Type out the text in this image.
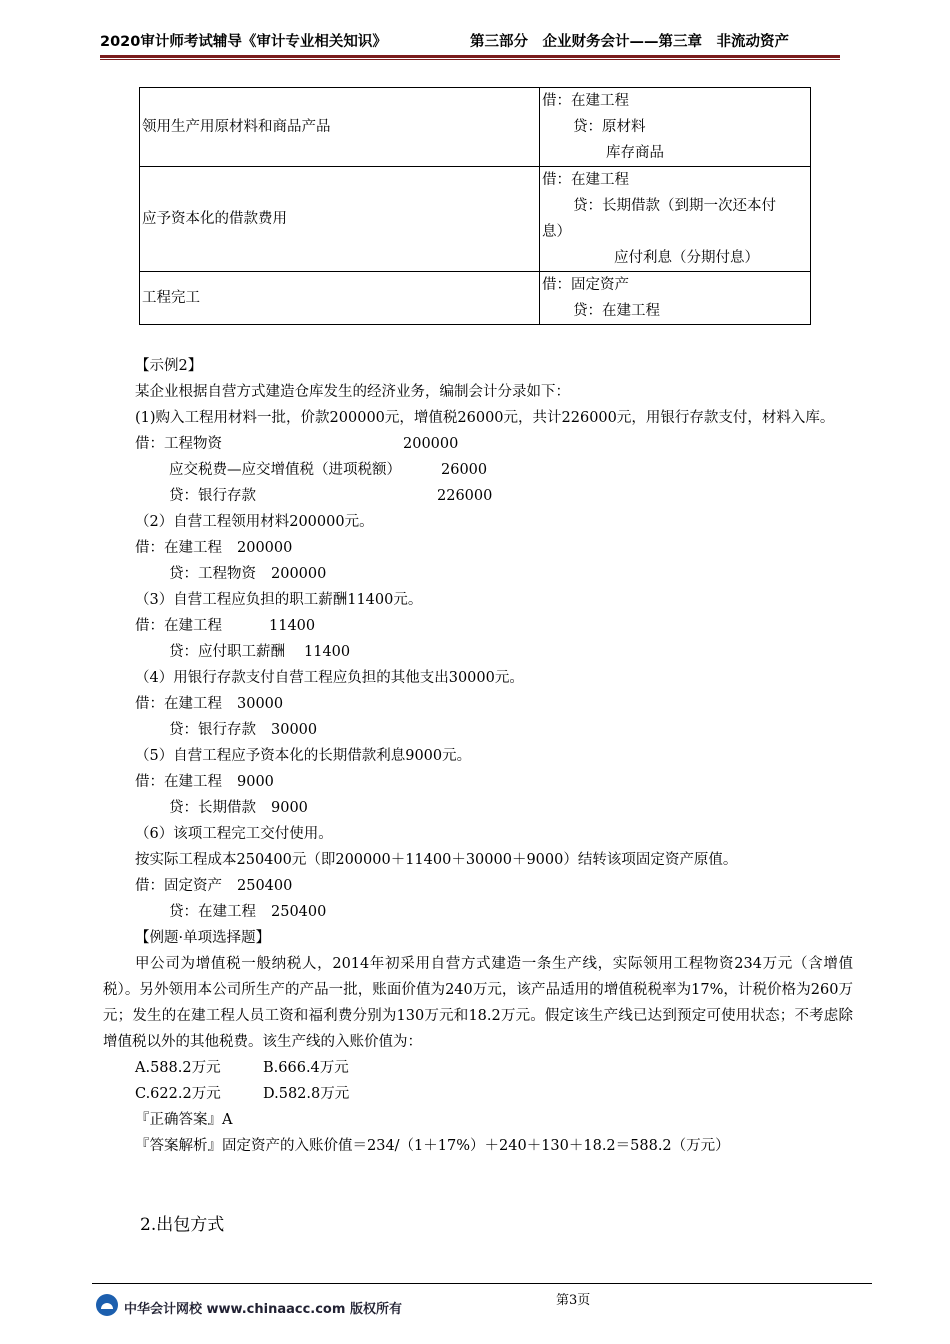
2020审计师考试辅导《审计专业相关知识》	第三部分　企业财务会计——第三章　非流动资产
领用生产用原材料和商品产品	借：在建工程
贷：原材料
库存商品

应予资本化的借款费用	借：在建工程
贷：长期借款（到期一次还本付
息）
应付利息（分期付息）

工程完工	借：固定资产
贷：在建工程

【示例2】

某企业根据自营方式建造仓库发生的经济业务，编制会计分录如下：

(1)购入工程用材料一批，价款200000元，增值税26000元，共计226000元，用银行存款支付，材料入库。

借：工程物资	200000

应交税费—应交增值税（进项税额）	26000

贷：银行存款	226000

（2）自营工程领用材料200000元。

借：在建工程 200000

贷：工程物资 200000

（3）自营工程应负担的职工薪酬11400元。

借：在建工程	11400

贷：应付职工薪酬 11400

（4）用银行存款支付自营工程应负担的其他支出30000元。

借：在建工程 30000

贷：银行存款 30000

（5）自营工程应予资本化的长期借款利息9000元。

借：在建工程 9000

贷：长期借款 9000

（6）该项工程完工交付使用。

按实际工程成本250400元（即200000＋11400＋30000＋9000）结转该项固定资产原值。

借：固定资产 250400

贷：在建工程 250400

【例题·单项选择题】

甲公司为增值税一般纳税人，2014年初采用自营方式建造一条生产线，实际领用工程物资234万元（含增值税）。另外领用本公司所生产的产品一批，账面价值为240万元，该产品适用的增值税税率为17%，计税价格为260万元；发生的在建工程人员工资和福利费分别为130万元和18.2万元。假定该生产线已达到预定可使用状态；不考虑除增值税以外的其他税费。该生产线的入账价值为：

A.588.2万元	B.666.4万元

C.622.2万元	D.582.8万元

『正确答案』A

『答案解析』固定资产的入账价值＝234/（1＋17%）＋240＋130＋18.2＝588.2（万元）

2.出包方式
第3页
中华会计网校 www.chinaacc.com 版权所有
